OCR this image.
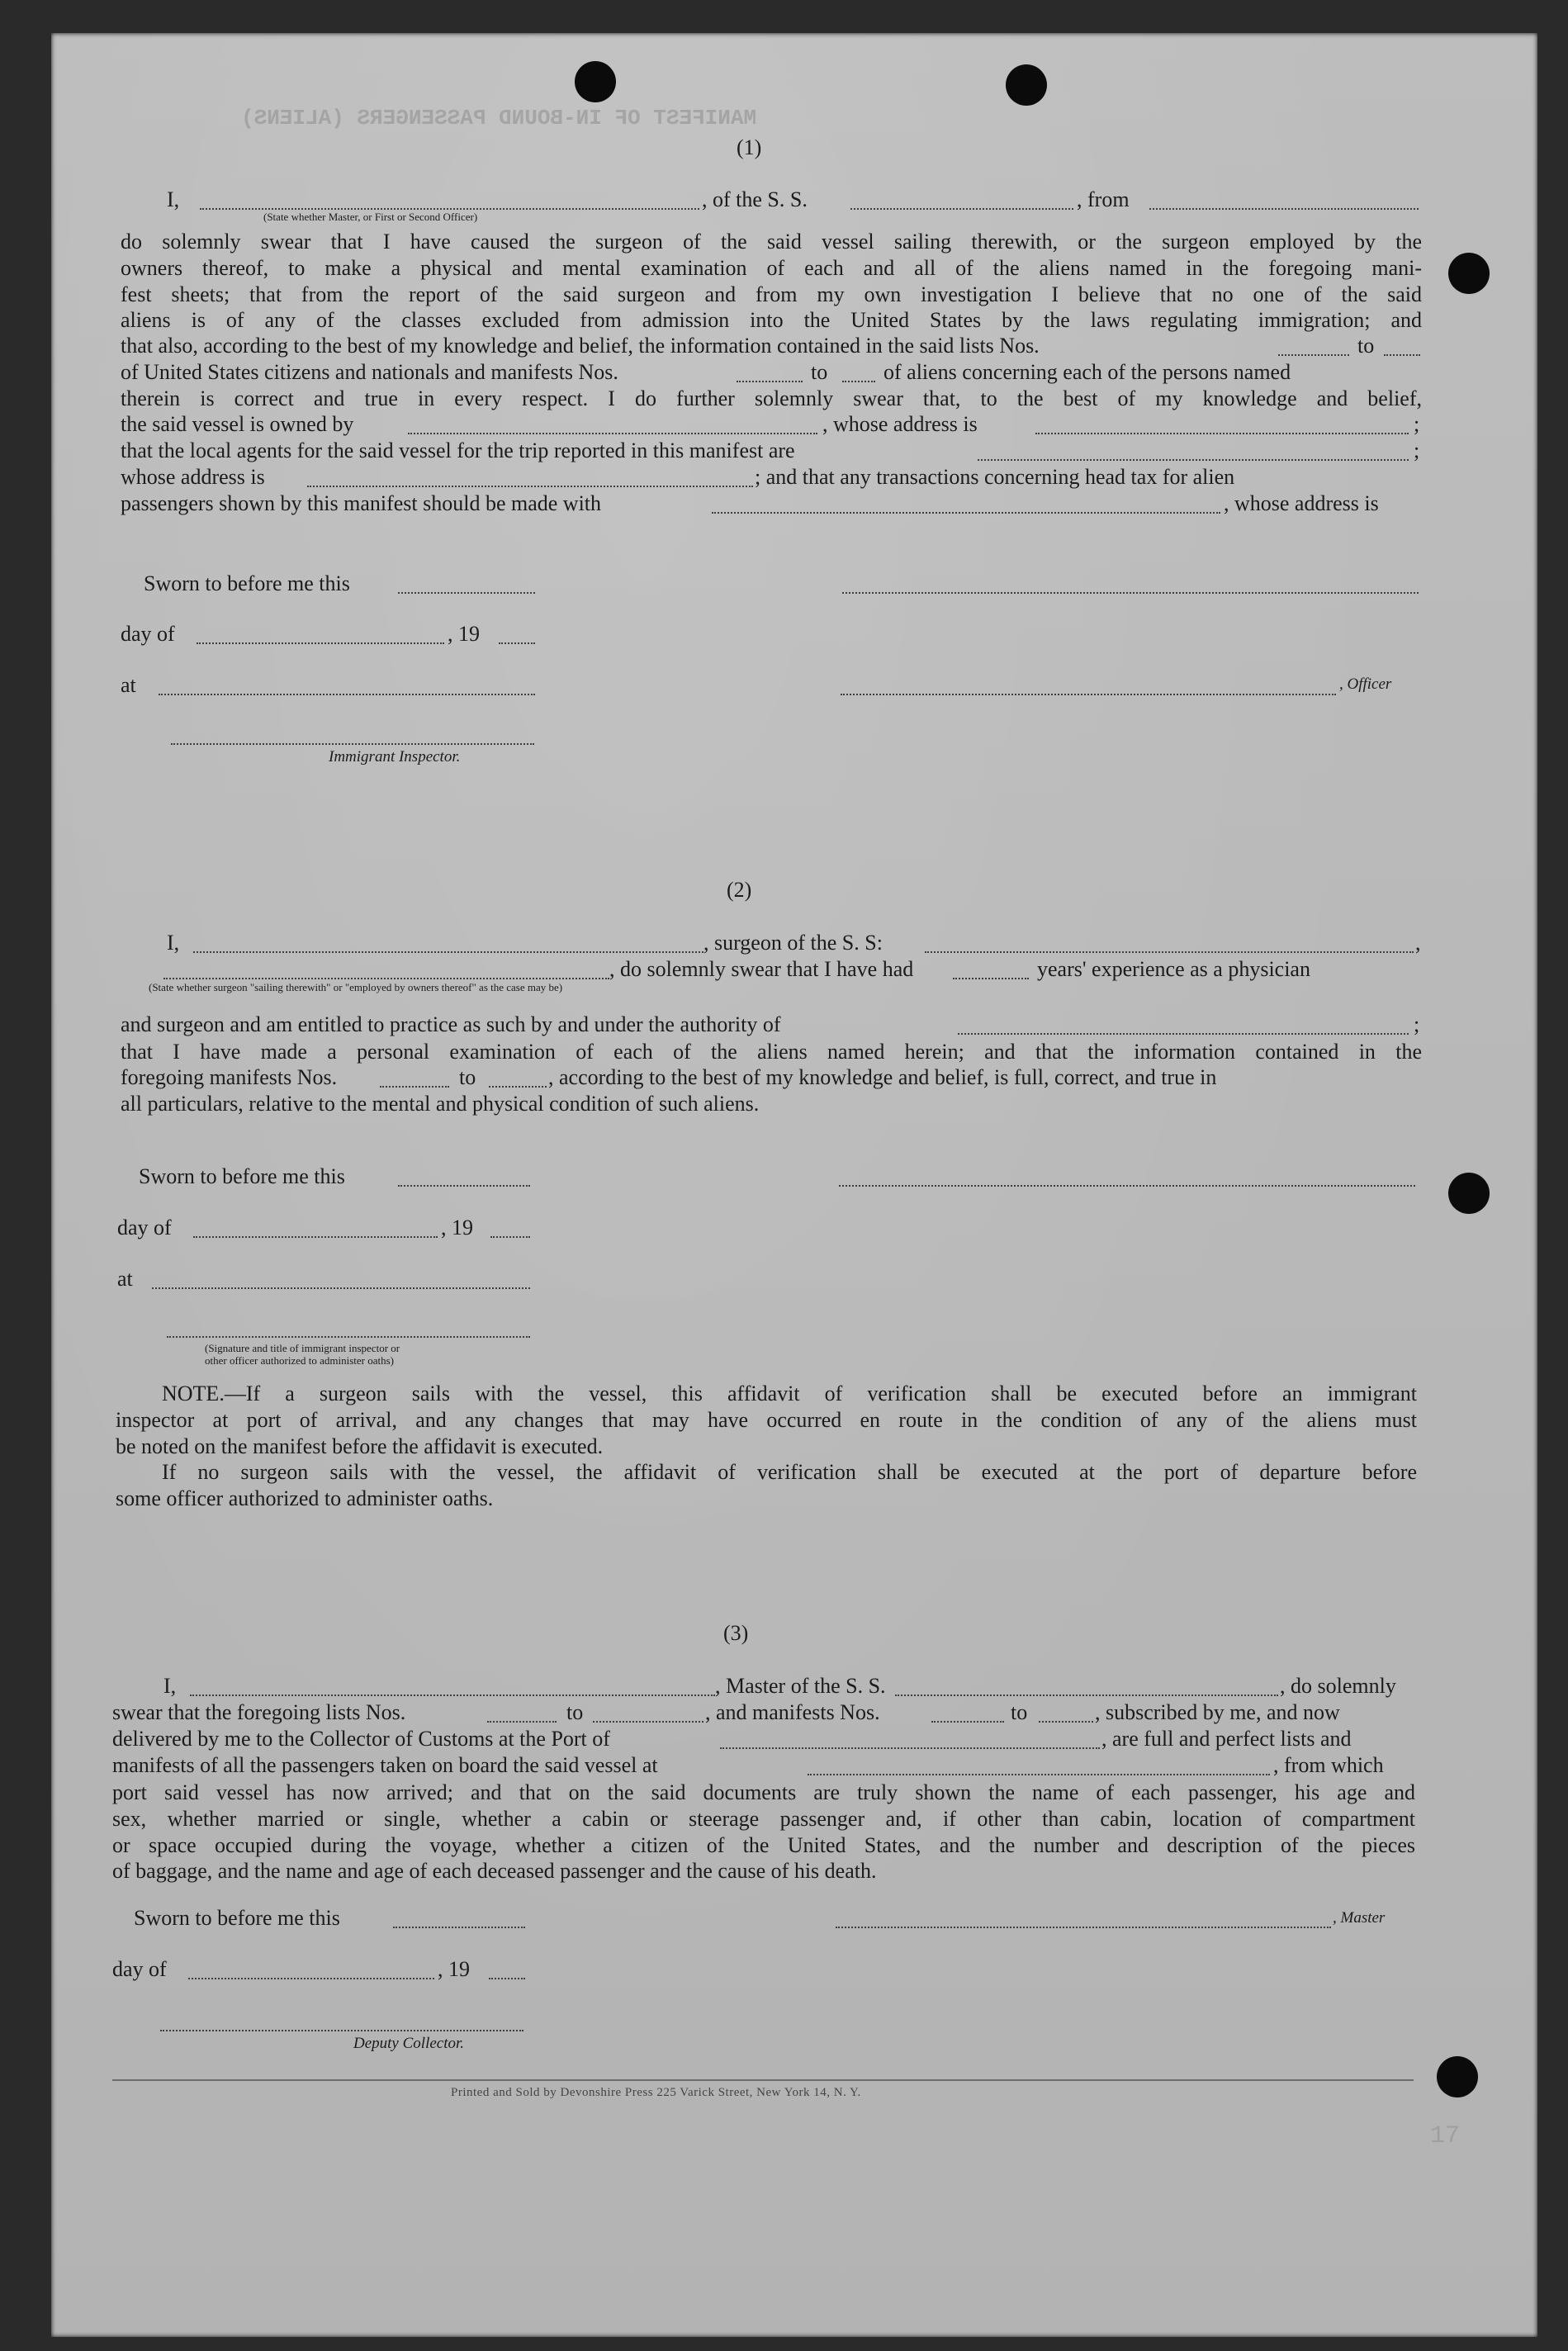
MANIFEST OF IN-BOUND PASSENGERS (ALIENS)
17
(1)
I,	, of the S. S.	, from
(State whether Master, or First or Second Officer)
do solemnly swear that I have caused the surgeon of the said vessel sailing therewith, or the surgeon employed by the
owners thereof, to make a physical and mental examination of each and all of the aliens named in the foregoing mani-
fest sheets; that from the report of the said surgeon and from my own investigation I believe that no one of the said
aliens is of any of the classes excluded from admission into the United States by the laws regulating immigration; and
that also, according to the best of my knowledge and belief, the information contained in the said lists Nos.	to
of United States citizens and nationals and manifests Nos.	to	of aliens concerning each of the persons named
therein is correct and true in every respect. I do further solemnly swear that, to the best of my knowledge and belief,
the said vessel is owned by	, whose address is	;
that the local agents for the said vessel for the trip reported in this manifest are	;
whose address is	; and that any transactions concerning head tax for alien
passengers shown by this manifest should be made with	, whose address is
Sworn to before me this
day of	, 19
at	, Officer
Immigrant Inspector.
(2)
I,	, surgeon of the S. S:	,
, do solemnly swear that I have had	years' experience as a physician
(State whether surgeon "sailing therewith" or "employed by owners thereof" as the case may be)
and surgeon and am entitled to practice as such by and under the authority of	;
that I have made a personal examination of each of the aliens named herein; and that the information contained in the
foregoing manifests Nos.	to	, according to the best of my knowledge and belief, is full, correct, and true in
all particulars, relative to the mental and physical condition of such aliens.
Sworn to before me this
day of	, 19
at
(Signature and title of immigrant inspector or
other officer authorized to administer oaths)
NOTE.—If a surgeon sails with the vessel, this affidavit of verification shall be executed before an immigrant
inspector at port of arrival, and any changes that may have occurred en route in the condition of any of the aliens must
be noted on the manifest before the affidavit is executed.
If no surgeon sails with the vessel, the affidavit of verification shall be executed at the port of departure before
some officer authorized to administer oaths.
(3)
I,	, Master of the S. S.	, do solemnly
swear that the foregoing lists Nos.	to	, and manifests Nos.	to	, subscribed by me, and now
delivered by me to the Collector of Customs at the Port of	, are full and perfect lists and
manifests of all the passengers taken on board the said vessel at	, from which
port said vessel has now arrived; and that on the said documents are truly shown the name of each passenger, his age and
sex, whether married or single, whether a cabin or steerage passenger and, if other than cabin, location of compartment
or space occupied during the voyage, whether a citizen of the United States, and the number and description of the pieces
of baggage, and the name and age of each deceased passenger and the cause of his death.
Sworn to before me this	, Master
day of	, 19
Deputy Collector.
Printed and Sold by Devonshire Press 225 Varick Street, New York 14, N. Y.
